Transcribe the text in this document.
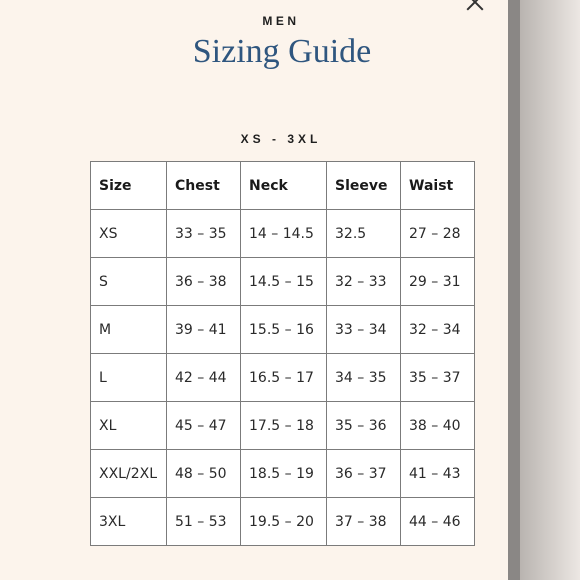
MEN
Sizing Guide
XS - 3XL
Size	Chest	Neck	Sleeve	Waist
XS	33 – 35	14 – 14.5	32.5	27 – 28
S	36 – 38	14.5 – 15	32 – 33	29 – 31
M	39 – 41	15.5 – 16	33 – 34	32 – 34
L	42 – 44	16.5 – 17	34 – 35	35 – 37
XL	45 – 47	17.5 – 18	35 – 36	38 – 40
XXL/2XL	48 – 50	18.5 – 19	36 – 37	41 – 43
3XL	51 – 53	19.5 – 20	37 – 38	44 – 46
